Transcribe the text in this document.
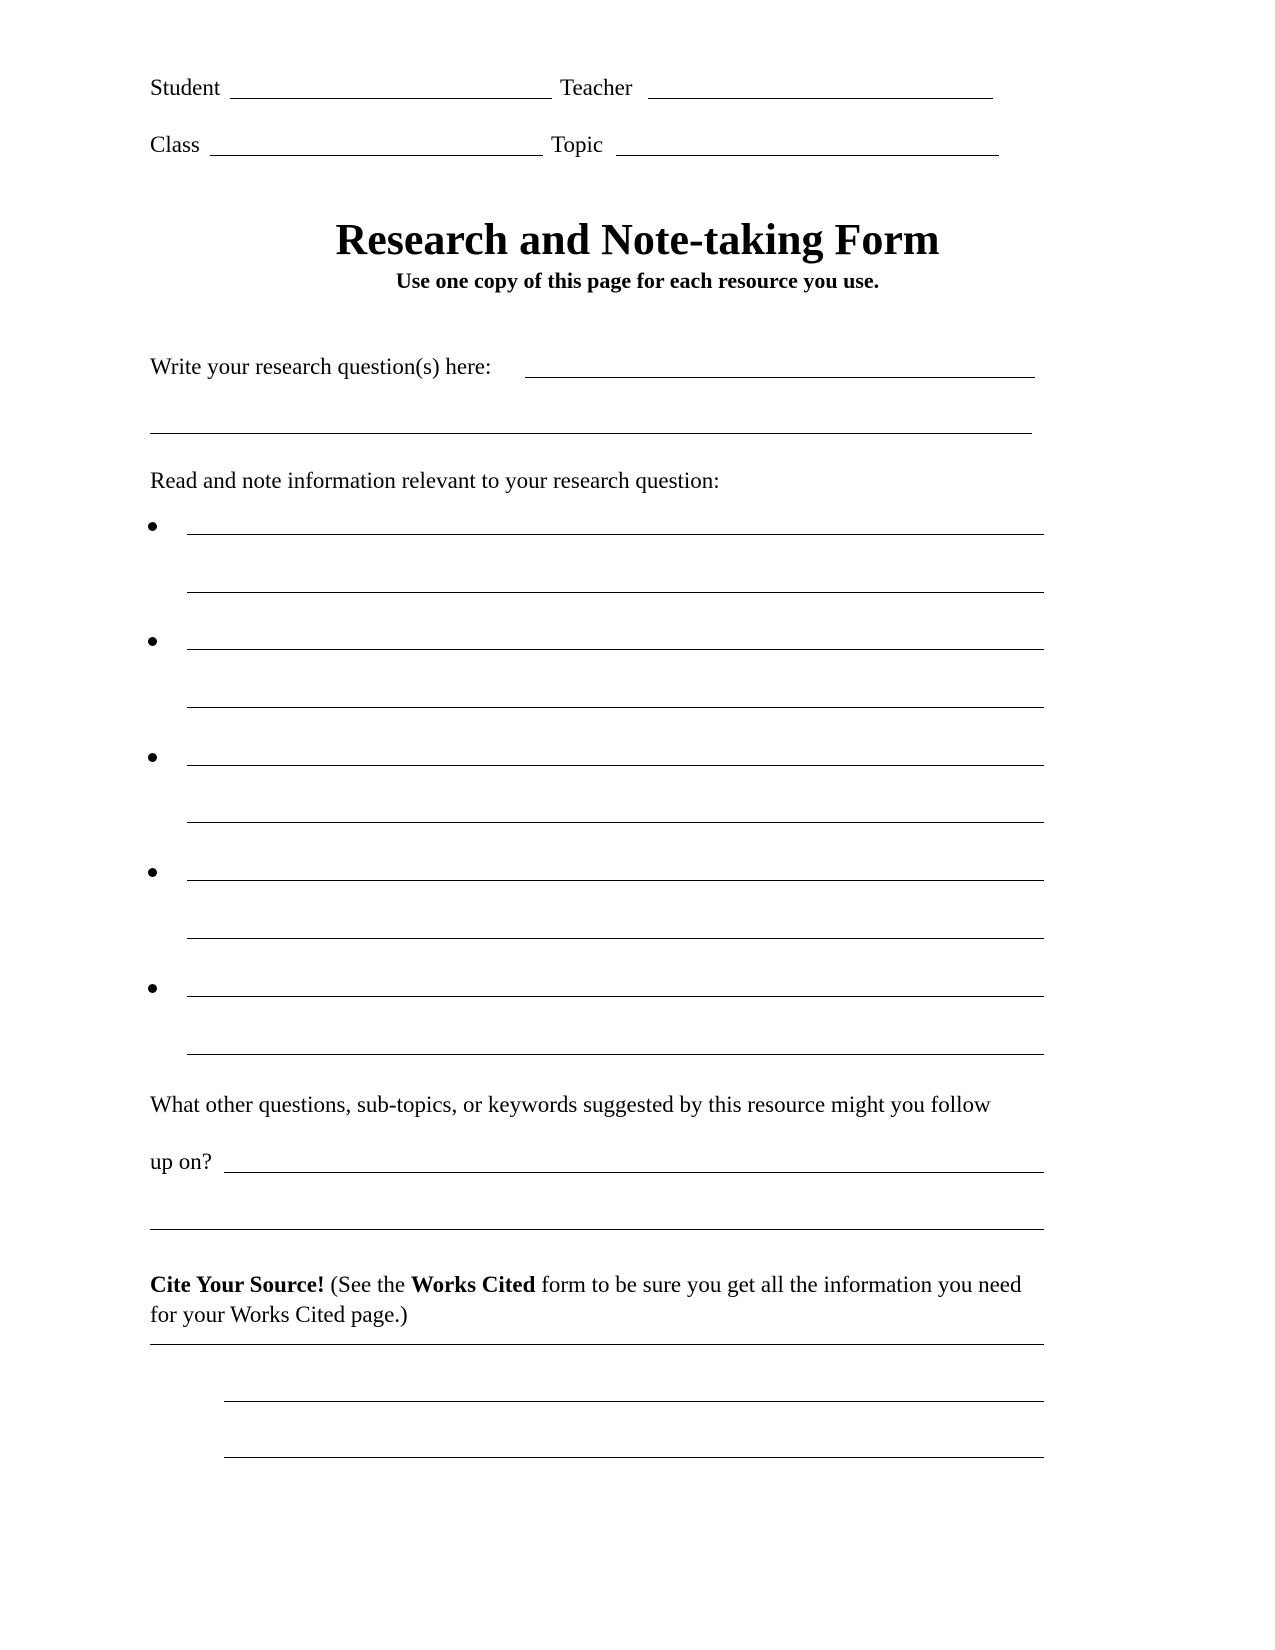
Student	Teacher
Class	Topic
Research and Note-taking Form
Use one copy of this page for each resource you use.
Write your research question(s) here:
Read and note information relevant to your research question:
What other questions, sub-topics, or keywords suggested by this resource might you follow
up on?
Cite Your Source! (See the Works Cited form to be sure you get all the information you need for your Works Cited page.)
